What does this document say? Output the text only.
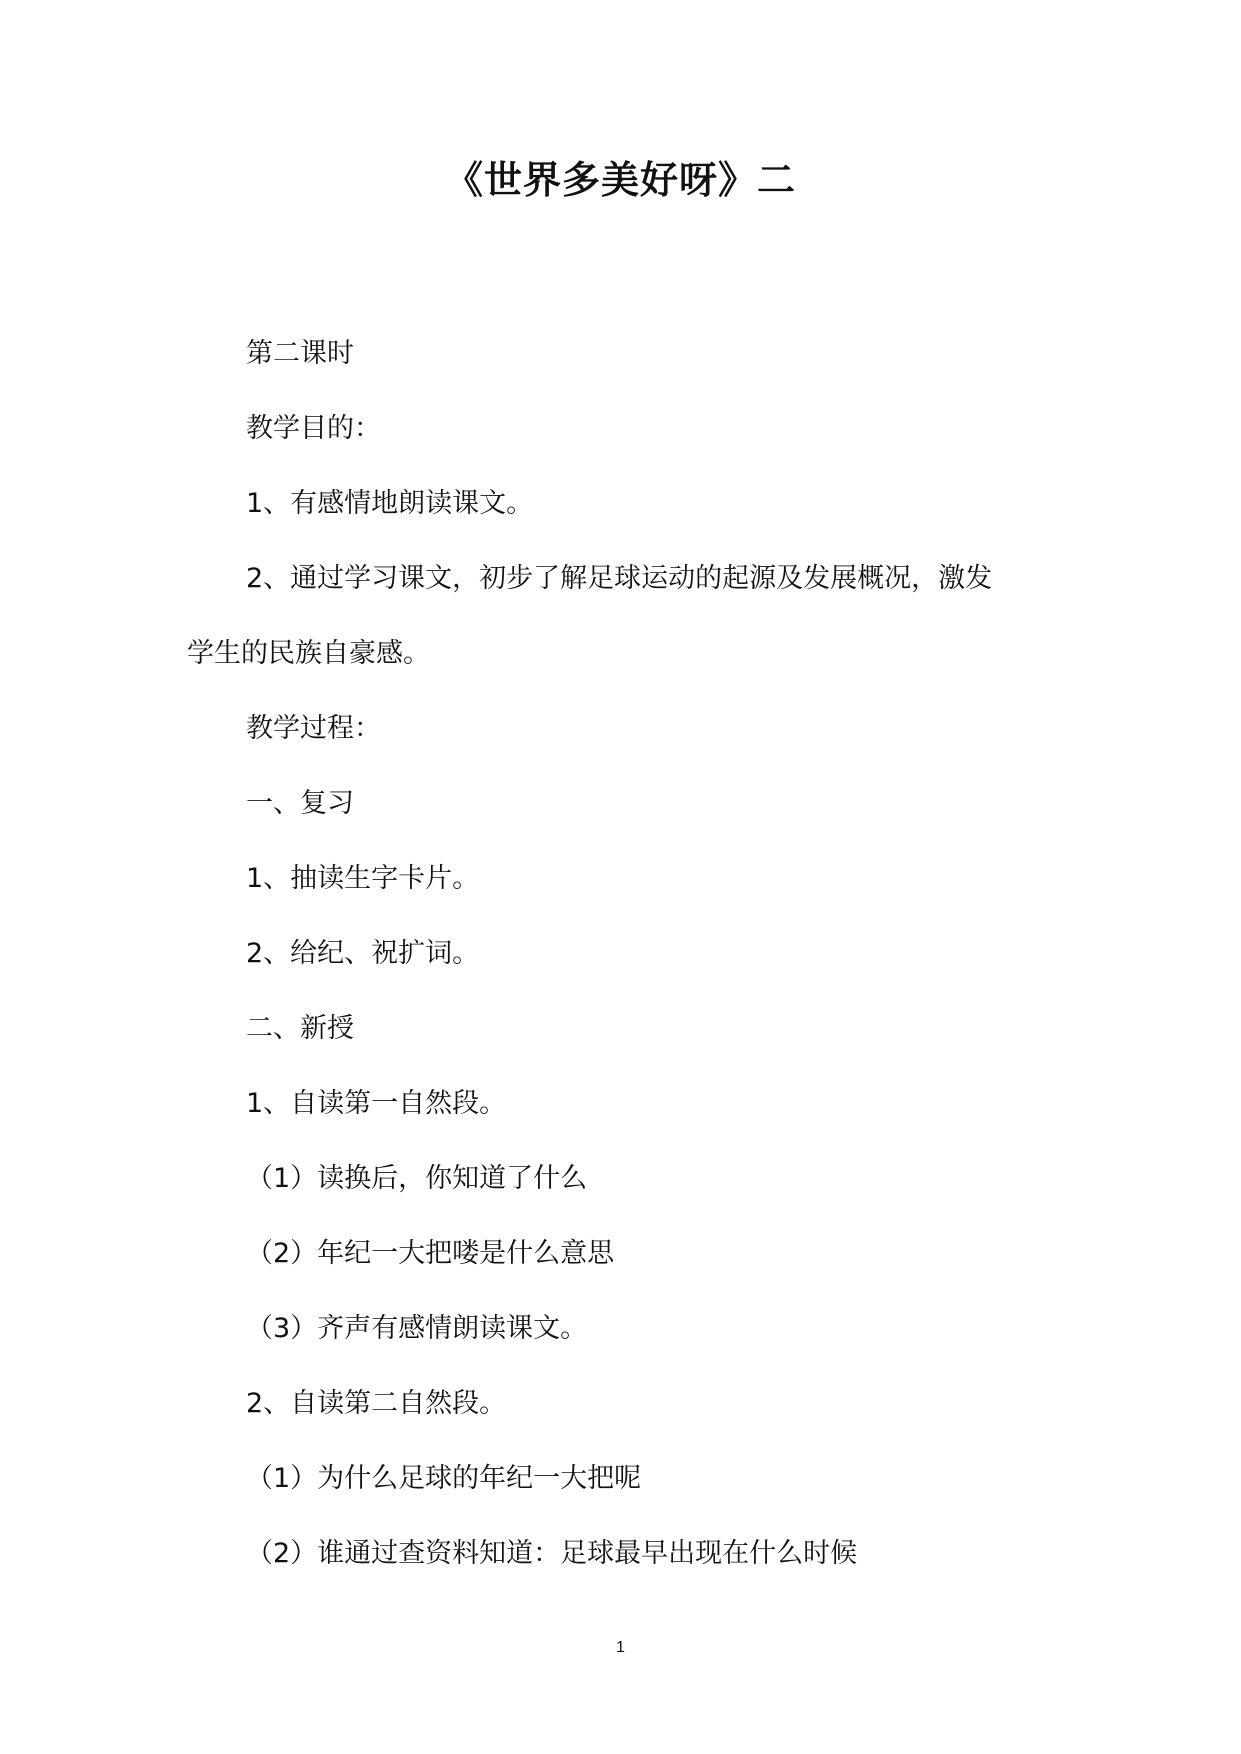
《世界多美好呀》二
第二课时
教学目的：
1、有感情地朗读课文。
2、通过学习课文，初步了解足球运动的起源及发展概况，激发
学生的民族自豪感。
教学过程：
一、复习
1、抽读生字卡片。
2、给纪、祝扩词。
二、新授
1、自读第一自然段。
（1）读换后，你知道了什么
（2）年纪一大把喽是什么意思
（3）齐声有感情朗读课文。
2、自读第二自然段。
（1）为什么足球的年纪一大把呢
（2）谁通过查资料知道：足球最早出现在什么时候
1
